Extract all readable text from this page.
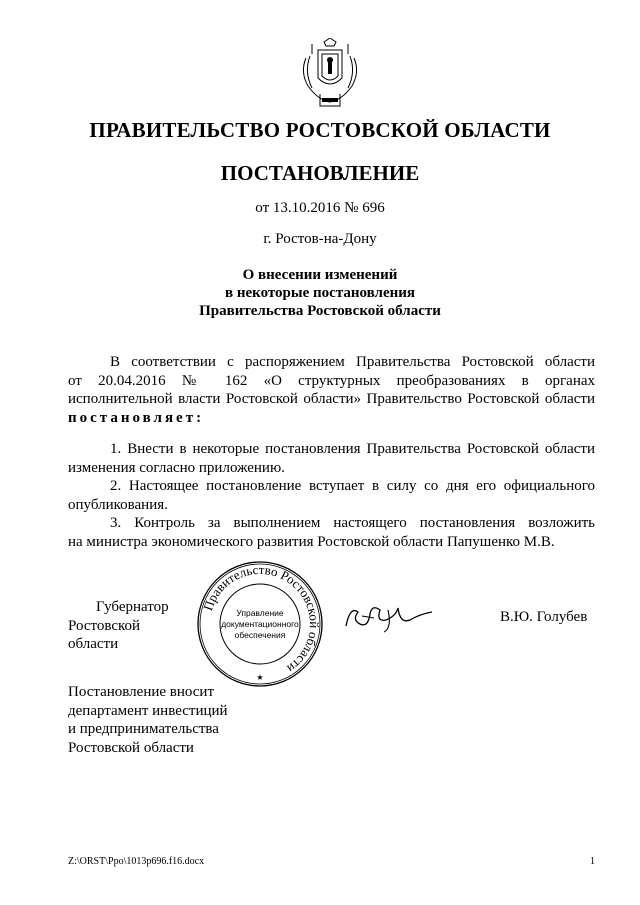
ПРАВИТЕЛЬСТВО РОСТОВСКОЙ ОБЛАСТИ
ПОСТАНОВЛЕНИЕ
от 13.10.2016 № 696
г. Ростов-на-Дону
О внесении изменений
в некоторые постановления
Правительства Ростовской области
В соответствии с распоряжением Правительства Ростовской области
от 20.04.2016 № 162 «О структурных преобразованиях в органах
исполнительной власти Ростовской области» Правительство Ростовской области
постановляет:
1. Внести в некоторые постановления Правительства Ростовской области
изменения согласно приложению.
2. Настоящее постановление вступает в силу со дня его официального
опубликования.
3. Контроль за выполнением настоящего постановления возложить
на министра экономического развития Ростовской области Папушенко М.В.
Губернатор
Ростовской области
Правительство Ростовской области
Управление
документационного
обеспечения
★
В.Ю. Голубев
Постановление вносит
департамент инвестиций
и предпринимательства
Ростовской области
Z:\ORST\Ppo\1013p696.f16.docx	1
